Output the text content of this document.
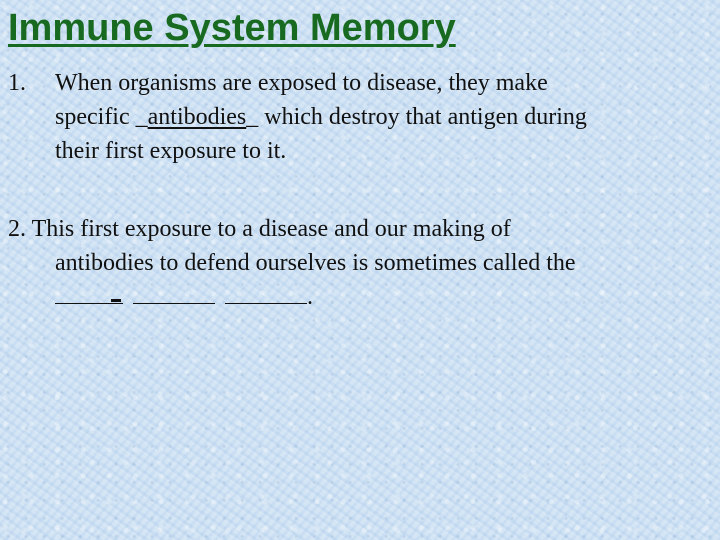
Immune System Memory
1.	When organisms are exposed to disease, they make
specific _antibodies_ which destroy that antigen during
their first exposure to it.
2. This first exposure to a disease and our making of
antibodies to defend ourselves is sometimes called the
.
